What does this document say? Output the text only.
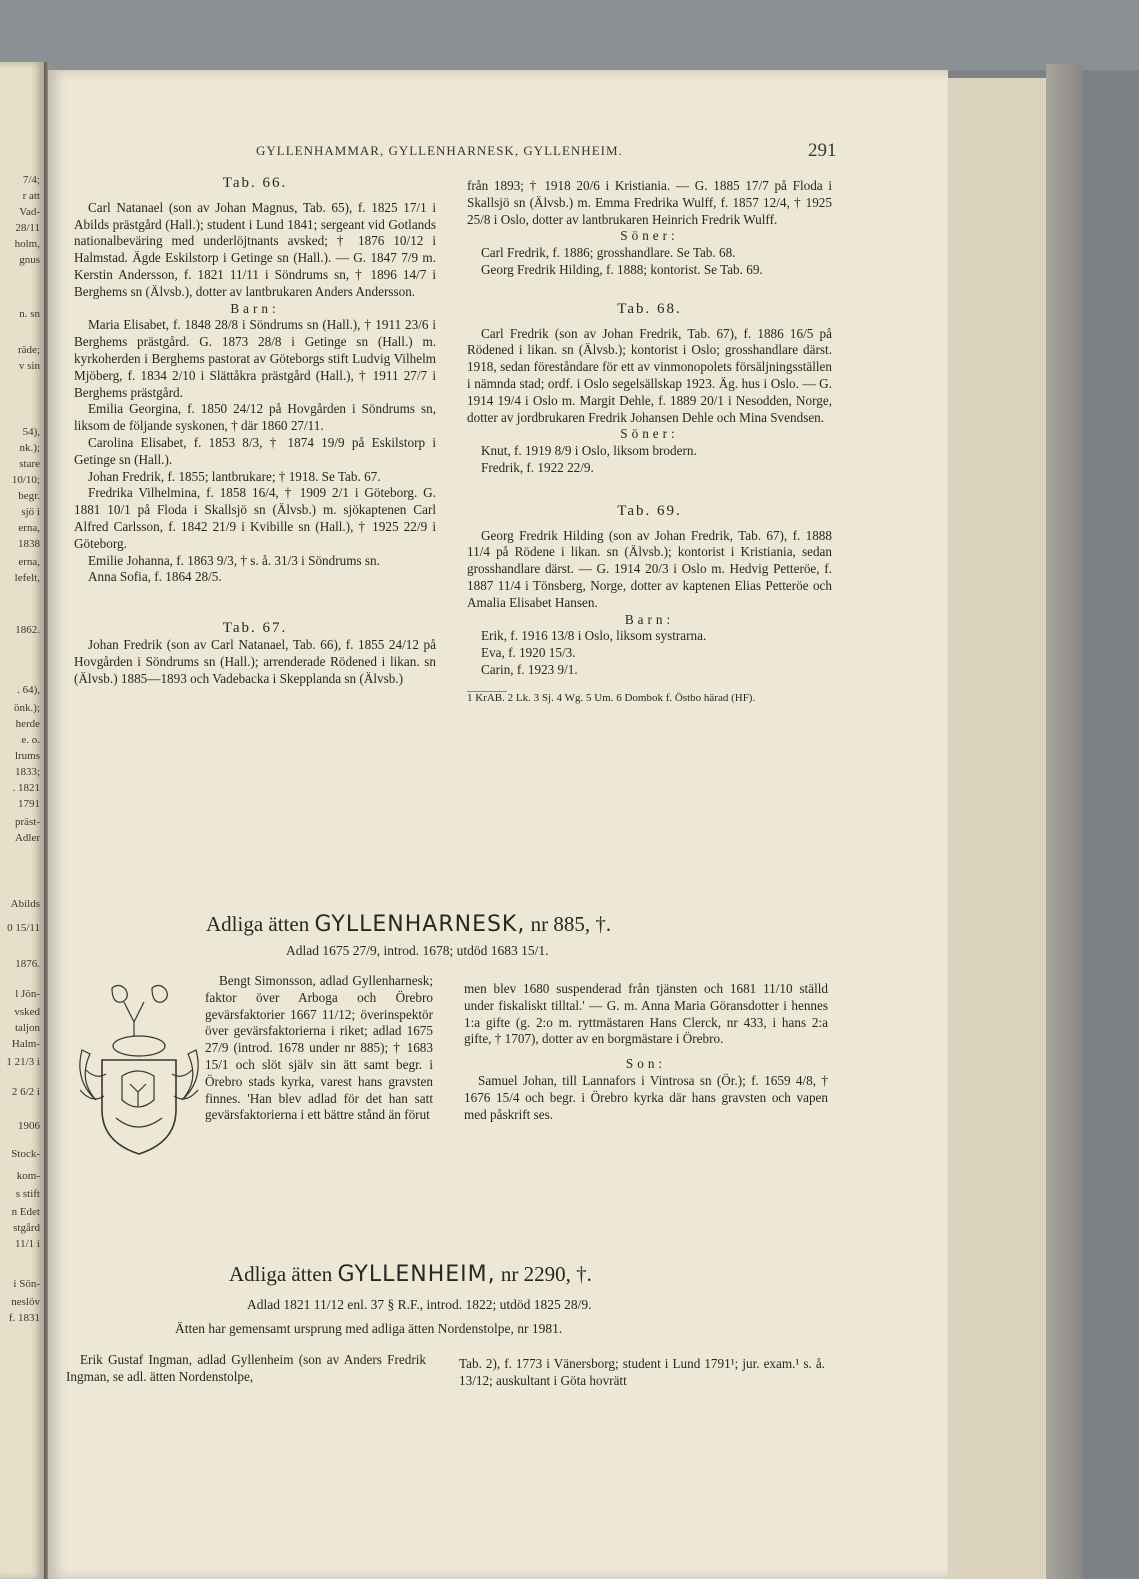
7/4;
r att
Vad-
28/11
holm,
gnus
n. sn
räde;
v sin
54),
nk.);
stare
10/10;
begr.
sjö i
erna,
1838
erna,
lefelt,
1862.
. 64),
önk.);
herde
e. o.
lrums
1833;
. 1821
1791
präst-
Adler
Abilds
0 15/11
1876.
l Jön-
vsked
taljon
Halm-
1 21/3 i
2 6/2 i
1906
Stock-
kom-
s stift
n Edet
stgård
11/1 i
i Sön-
neslöv
f. 1831
GYLLENHAMMAR, GYLLENHARNESK, GYLLENHEIM.	291

Tab. 66.

Carl Natanael (son av Johan Magnus, Tab. 65), f. 1825 17/1 i Abilds prästgård (Hall.); student i Lund 1841; sergeant vid Gotlands nationalbeväring med underlöjtnants avsked; † 1876 10/12 i Halmstad. Ägde Eskilstorp i Getinge sn (Hall.). — G. 1847 7/9 m. Kerstin Andersson, f. 1821 11/11 i Söndrums sn, † 1896 14/7 i Berghems sn (Älvsb.), dotter av lantbrukaren Anders Andersson.

Barn:

Maria Elisabet, f. 1848 28/8 i Söndrums sn (Hall.), † 1911 23/6 i Berghems prästgård. G. 1873 28/8 i Getinge sn (Hall.) m. kyrkoherden i Berghems pastorat av Göteborgs stift Ludvig Vilhelm Mjöberg, f. 1834 2/10 i Slättåkra prästgård (Hall.), † 1911 27/7 i Berghems prästgård.

Emilia Georgina, f. 1850 24/12 på Hovgården i Söndrums sn, liksom de följande syskonen, † där 1860 27/11.

Carolina Elisabet, f. 1853 8/3, † 1874 19/9 på Eskilstorp i Getinge sn (Hall.).

Johan Fredrik, f. 1855; lantbrukare; † 1918. Se Tab. 67.

Fredrika Vilhelmina, f. 1858 16/4, † 1909 2/1 i Göteborg. G. 1881 10/1 på Floda i Skallsjö sn (Älvsb.) m. sjökaptenen Carl Alfred Carlsson, f. 1842 21/9 i Kvibille sn (Hall.), † 1925 22/9 i Göteborg.

Emilie Johanna, f. 1863 9/3, † s. å. 31/3 i Söndrums sn.

Anna Sofia, f. 1864 28/5.

Tab. 67.

Johan Fredrik (son av Carl Natanael, Tab. 66), f. 1855 24/12 på Hovgården i Söndrums sn (Hall.); arrenderade Rödened i likan. sn (Älvsb.) 1885—1893 och Vadebacka i Skepplanda sn (Älvsb.)

från 1893; † 1918 20/6 i Kristiania. — G. 1885 17/7 på Floda i Skallsjö sn (Älvsb.) m. Emma Fredrika Wulff, f. 1857 12/4, † 1925 25/8 i Oslo, dotter av lantbrukaren Heinrich Fredrik Wulff.

Söner:

Carl Fredrik, f. 1886; grosshandlare. Se Tab. 68.

Georg Fredrik Hilding, f. 1888; kontorist. Se Tab. 69.

Tab. 68.

Carl Fredrik (son av Johan Fredrik, Tab. 67), f. 1886 16/5 på Rödened i likan. sn (Älvsb.); kontorist i Oslo; grosshandlare därst. 1918, sedan föreståndare för ett av vinmonopolets försäljningsställen i nämnda stad; ordf. i Oslo segelsällskap 1923. Äg. hus i Oslo. — G. 1914 19/4 i Oslo m. Margit Dehle, f. 1889 20/1 i Nesodden, Norge, dotter av jordbrukaren Fredrik Johansen Dehle och Mina Svendsen.

Söner:

Knut, f. 1919 8/9 i Oslo, liksom brodern.

Fredrik, f. 1922 22/9.

Tab. 69.

Georg Fredrik Hilding (son av Johan Fredrik, Tab. 67), f. 1888 11/4 på Rödene i likan. sn (Älvsb.); kontorist i Kristiania, sedan grosshandlare därst. — G. 1914 20/3 i Oslo m. Hedvig Petteröe, f. 1887 11/4 i Tönsberg, Norge, dotter av kaptenen Elias Petteröe och Amalia Elisabet Hansen.

Barn:

Erik, f. 1916 13/8 i Oslo, liksom systrarna.

Eva, f. 1920 15/3.

Carin, f. 1923 9/1.

1 KrAB. 2 Lk. 3 Sj. 4 Wg. 5 Um. 6 Dombok f. Östbo härad (HF).

Adliga ätten GYLLENHARNESK, nr 885, †.
Adlad 1675 27/9, introd. 1678; utdöd 1683 15/1.

Bengt Simonsson, adlad Gyllenharnesk; faktor över Arboga och Örebro gevärsfaktorier 1667 11/12; överinspektör över gevärsfaktorierna i riket; adlad 1675 27/9 (introd. 1678 under nr 885); † 1683 15/1 och slöt själv sin ätt samt begr. i Örebro stads kyrka, varest hans gravsten finnes. 'Han blev adlad för det han satt gevärsfaktorierna i ett bättre stånd än förut

men blev 1680 suspenderad från tjänsten och 1681 11/10 ställd under fiskaliskt tilltal.' — G. m. Anna Maria Göransdotter i hennes 1:a gifte (g. 2:o m. ryttmästaren Hans Clerck, nr 433, i hans 2:a gifte, † 1707), dotter av en borgmästare i Örebro.

Son:

Samuel Johan, till Lannafors i Vintrosa sn (Ör.); f. 1659 4/8, † 1676 15/4 och begr. i Örebro kyrka där hans gravsten och vapen med påskrift ses.

Adliga ätten GYLLENHEIM, nr 2290, †.
Adlad 1821 11/12 enl. 37 § R.F., introd. 1822; utdöd 1825 28/9.
Ätten har gemensamt ursprung med adliga ätten Nordenstolpe, nr 1981.

Erik Gustaf Ingman, adlad Gyllenheim (son av Anders Fredrik Ingman, se adl. ätten Nordenstolpe,

Tab. 2), f. 1773 i Vänersborg; student i Lund 1791¹; jur. exam.¹ s. å. 13/12; auskultant i Göta hovrätt
